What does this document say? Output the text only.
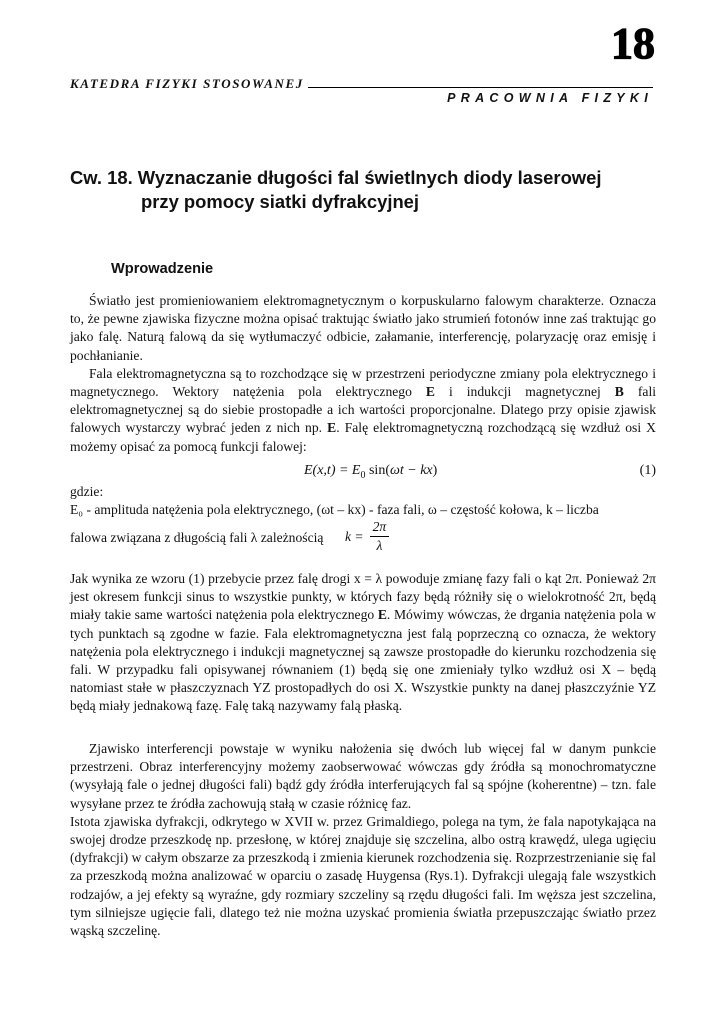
18
KATEDRA FIZYKI STOSOWANEJ
PRACOWNIA FIZYKI
Cw. 18. Wyznaczanie długości fal świetlnych diody laserowej
przy pomocy siatki dyfrakcyjnej
Wprowadzenie

Światło jest promieniowaniem elektromagnetycznym o korpuskularno falowym charakterze. Oznacza to, że pewne zjawiska fizyczne można opisać traktując światło jako strumień fotonów inne zaś traktując go jako falę. Naturą falową da się wytłumaczyć odbicie, załamanie, interferencję, polaryzację oraz emisję i pochłanianie.

Fala elektromagnetyczna są to rozchodzące się w przestrzeni periodyczne zmiany pola elektrycznego i magnetycznego. Wektory natężenia pola elektrycznego E i indukcji magnetycznej B fali elektromagnetycznej są do siebie prostopadłe a ich wartości proporcjonalne. Dlatego przy opisie zjawisk falowych wystarczy wybrać jeden z nich np. E. Falę elektromagnetyczną rozchodzącą się wzdłuż osi X możemy opisać za pomocą funkcji falowej:

$E(x,t) = E_0$ sin(ωt − kx)	(1)

gdzie:

E₀ - amplituda natężenia pola elektrycznego, (ωt – kx) - faza fali, ω – częstość kołowa, k – liczba

falowa związana z długością fali λ zależnością $k = \frac{2\pi}{\lambda}$

Jak wynika ze wzoru (1) przebycie przez falę drogi x = λ powoduje zmianę fazy fali o kąt 2π. Ponieważ 2π jest okresem funkcji sinus to wszystkie punkty, w których fazy będą różniły się o wielokrotność 2π, będą miały takie same wartości natężenia pola elektrycznego E. Mówimy wówczas, że drgania natężenia pola w tych punktach są zgodne w fazie. Fala elektromagnetyczna jest falą poprzeczną co oznacza, że wektory natężenia pola elektrycznego i indukcji magnetycznej są zawsze prostopadłe do kierunku rozchodzenia się fali. W przypadku fali opisywanej równaniem (1) będą się one zmieniały tylko wzdłuż osi X – będą natomiast stałe w płaszczyznach YZ prostopadłych do osi X. Wszystkie punkty na danej płaszczyźnie YZ będą miały jednakową fazę. Falę taką nazywamy falą płaską.

Zjawisko interferencji powstaje w wyniku nałożenia się dwóch lub więcej fal w danym punkcie przestrzeni. Obraz interferencyjny możemy zaobserwować wówczas gdy źródła są monochromatyczne (wysyłają fale o jednej długości fali) bądź gdy źródła interferujących fal są spójne (koherentne) – tzn. fale wysyłane przez te źródła zachowują stałą w czasie różnicę faz.

Istota zjawiska dyfrakcji, odkrytego w XVII w. przez Grimaldiego, polega na tym, że fala napotykająca na swojej drodze przeszkodę np. przesłonę, w której znajduje się szczelina, albo ostrą krawędź, ulega ugięciu (dyfrakcji) w całym obszarze za przeszkodą i zmienia kierunek rozchodzenia się. Rozprzestrzenianie się fal za przeszkodą można analizować w oparciu o zasadę Huygensa (Rys.1). Dyfrakcji ulegają fale wszystkich rodzajów, a jej efekty są wyraźne, gdy rozmiary szczeliny są rzędu długości fali. Im węższa jest szczelina, tym silniejsze ugięcie fali, dlatego też nie można uzyskać promienia światła przepuszczając światło przez wąską szczelinę.
